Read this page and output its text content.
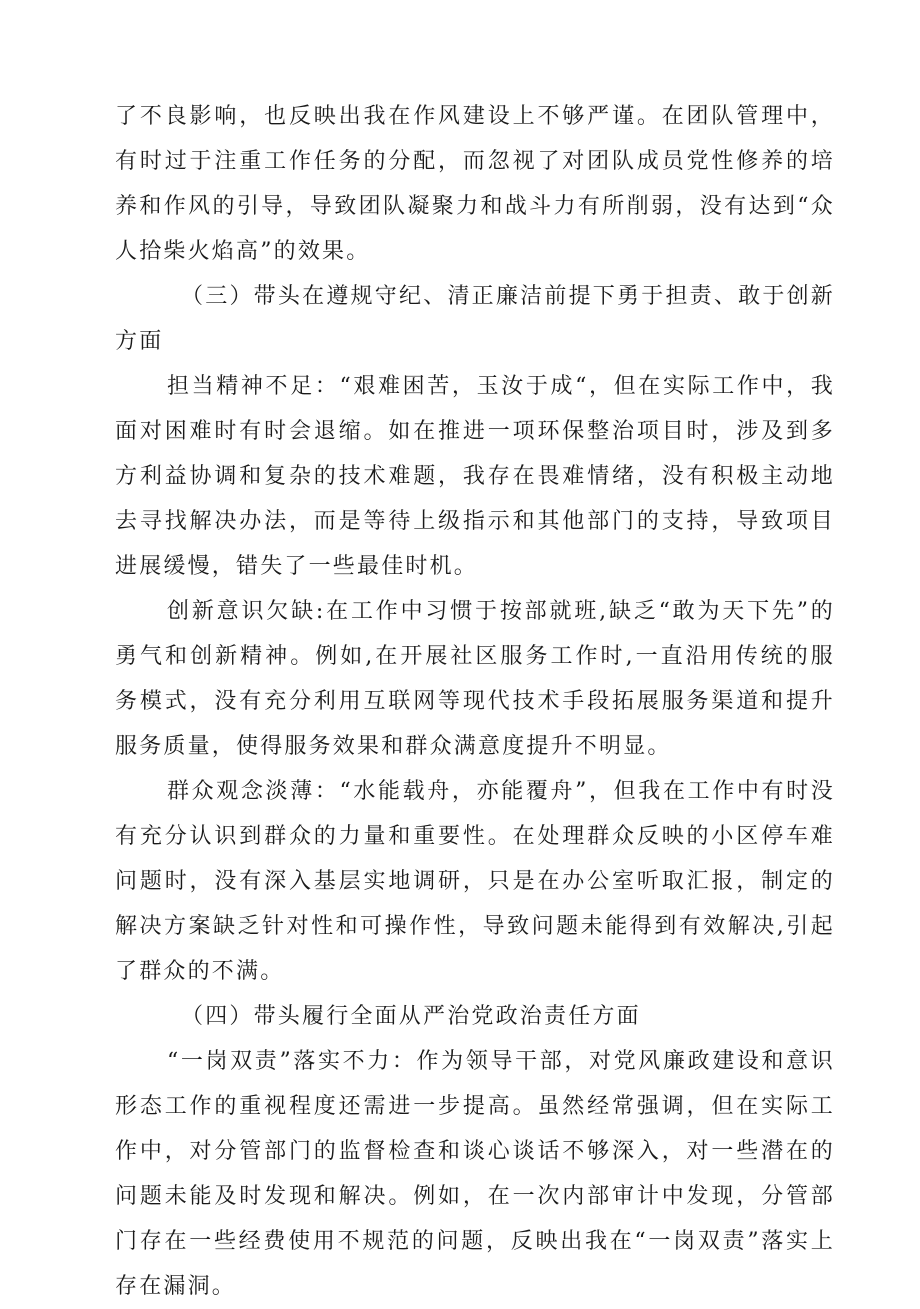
了不良影响，也反映出我在作风建设上不够严谨。在团队管理中，有时过于注重工作任务的分配，而忽视了对团队成员党性修养的培养和作风的引导，导致团队凝聚力和战斗力有所削弱，没有达到“众人拾柴火焰高”的效果。

（三）带头在遵规守纪、清正廉洁前提下勇于担责、敢于创新方面

担当精神不足：“艰难困苦，玉汝于成“，但在实际工作中，我面对困难时有时会退缩。如在推进一项环保整治项目时，涉及到多方利益协调和复杂的技术难题，我存在畏难情绪，没有积极主动地去寻找解决办法，而是等待上级指示和其他部门的支持，导致项目进展缓慢，错失了一些最佳时机。

创新意识欠缺:在工作中习惯于按部就班,缺乏“敢为天下先”的勇气和创新精神。例如,在开展社区服务工作时,一直沿用传统的服务模式，没有充分利用互联网等现代技术手段拓展服务渠道和提升服务质量，使得服务效果和群众满意度提升不明显。

群众观念淡薄：“水能载舟，亦能覆舟”，但我在工作中有时没有充分认识到群众的力量和重要性。在处理群众反映的小区停车难问题时，没有深入基层实地调研，只是在办公室听取汇报，制定的解决方案缺乏针对性和可操作性，导致问题未能得到有效解决,引起了群众的不满。

（四）带头履行全面从严治党政治责任方面

“一岗双责”落实不力：作为领导干部，对党风廉政建设和意识形态工作的重视程度还需进一步提高。虽然经常强调，但在实际工作中，对分管部门的监督检查和谈心谈话不够深入，对一些潜在的问题未能及时发现和解决。例如，在一次内部审计中发现，分管部门存在一些经费使用不规范的问题，反映出我在“一岗双责”落实上存在漏洞。
